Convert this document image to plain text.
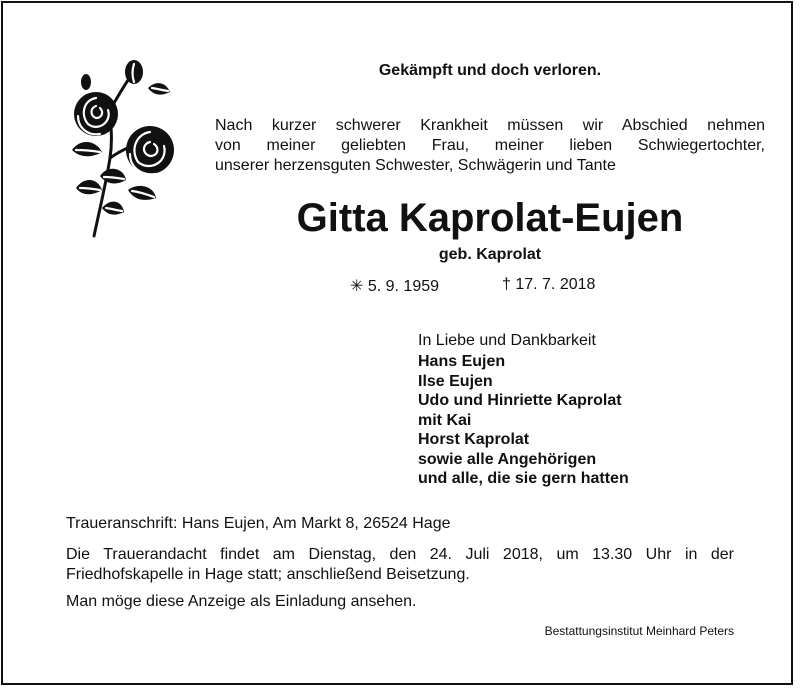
Gekämpft und doch verloren.
Nach kurzer schwerer Krankheit müssen wir Abschied nehmen
von meiner geliebten Frau, meiner lieben Schwiegertochter,
unserer herzensguten Schwester, Schwägerin und Tante
Gitta Kaprolat-Eujen
geb. Kaprolat
✳ 5. 9. 1959	† 17. 7. 2018
In Liebe und Dankbarkeit
Hans Eujen
Ilse Eujen
Udo und Hinriette Kaprolat
mit Kai
Horst Kaprolat
sowie alle Angehörigen
und alle, die sie gern hatten
Traueranschrift: Hans Eujen, Am Markt 8, 26524 Hage
Die Trauerandacht findet am Dienstag, den 24. Juli 2018, um 13.30 Uhr in der
Friedhofskapelle in Hage statt; anschließend Beisetzung.
Man möge diese Anzeige als Einladung ansehen.
Bestattungsinstitut Meinhard Peters
